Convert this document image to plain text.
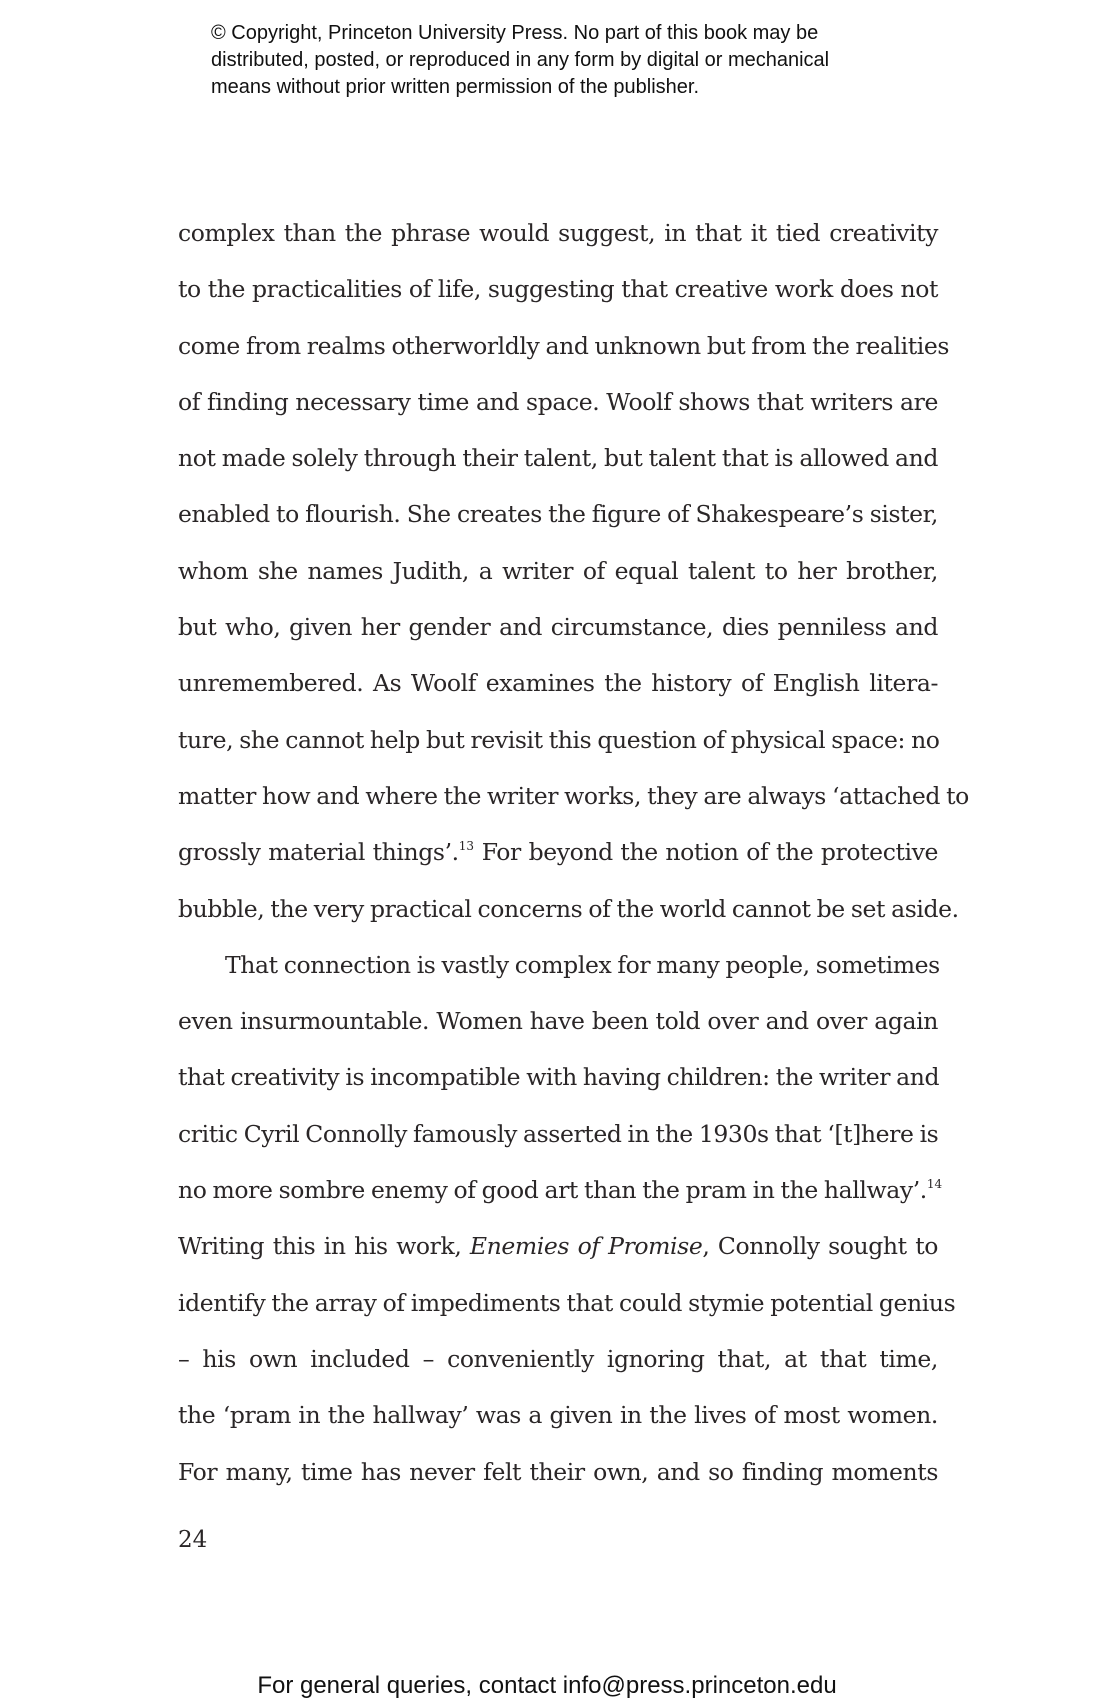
© Copyright, Princeton University Press. No part of this book may be

distributed, posted, or reproduced in any form by digital or mechanical

means without prior written permission of the publisher.

complex than the phrase would suggest, in that it tied creativity
to the practicalities of life, suggesting that creative work does not
come from realms otherworldly and unknown but from the realities
of finding necessary time and space. Woolf shows that writers are
not made solely through their talent, but talent that is allowed and
enabled to flourish. She creates the figure of Shakespeare’s sister,
whom she names Judith, a writer of equal talent to her brother,
but who, given her gender and circumstance, dies penniless and
unremembered. As Woolf examines the history of English litera-
ture, she cannot help but revisit this question of physical space: no
matter how and where the writer works, they are always ‘attached to
grossly material things’.$^{13}$ For beyond the notion of the protective
bubble, the very practical concerns of the world cannot be set aside.
That connection is vastly complex for many people, sometimes
even insurmountable. Women have been told over and over again
that creativity is incompatible with having children: the writer and
critic Cyril Connolly famously asserted in the 1930s that ‘[t]here is
no more sombre enemy of good art than the pram in the hallway’.$^{14}$
Writing this in his work, Enemies of Promise, Connolly sought to
identify the array of impediments that could stymie potential genius
– his own included – conveniently ignoring that, at that time,
the ‘pram in the hallway’ was a given in the lives of most women.
For many, time has never felt their own, and so finding moments
24
For general queries, contact info@press.princeton.edu
